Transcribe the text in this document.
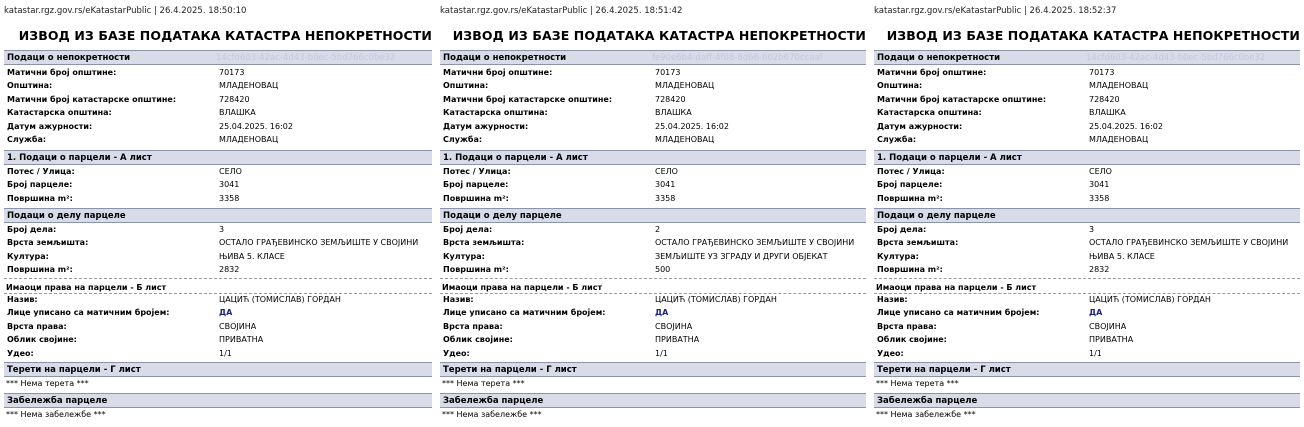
katastar.rgz.gov.rs/eKatastarPublic | 26.4.2025. 18:50:10
ИЗВОД ИЗ БАЗЕ ПОДАТАКА КАТАСТРА НЕПОКРЕТНОСТИ
Подаци о непокретности	14cfd603-42ac-4d43-b0ec-5bd766c0be32
Матични број општине:	70173
Општина:	МЛАДЕНОВАЦ
Матични број катастарске општине:	728420
Катастарска општина:	ВЛАШКА
Датум ажурности:	25.04.2025. 16:02
Служба:	МЛАДЕНОВАЦ
1. Подаци о парцели - А лист
Потес / Улица:	СЕЛО
Број парцеле:	3041
Површина m²:	3358
Подаци о делу парцеле
Број дела:	3
Врста земљишта:	ОСТАЛО ГРАЂЕВИНСКО ЗЕМЉИШТЕ У СВОЈИНИ
Култура:	ЊИВА 5. КЛАСЕ
Површина m²:	2832
Имаоци права на парцели - Б лист
Назив:	ЦАЦИЋ (ТОМИСЛАВ) ГОРДАН
Лице уписано са матичним бројем:	ДА
Врста права:	СВОЈИНА
Облик својине:	ПРИВАТНА
Удео:	1/1
Терети на парцели - Г лист
*** Нема терета ***
Забележба парцеле
*** Нема забележбе ***
katastar.rgz.gov.rs/eKatastarPublic | 26.4.2025. 18:51:42
ИЗВОД ИЗ БАЗЕ ПОДАТАКА КАТАСТРА НЕПОКРЕТНОСТИ
Подаци о непокретности	fe90e6b4-daff-4f08-8d66-602b670ccaaf
Матични број општине:	70173
Општина:	МЛАДЕНОВАЦ
Матични број катастарске општине:	728420
Катастарска општина:	ВЛАШКА
Датум ажурности:	25.04.2025. 16:02
Служба:	МЛАДЕНОВАЦ
1. Подаци о парцели - А лист
Потес / Улица:	СЕЛО
Број парцеле:	3041
Површина m²:	3358
Подаци о делу парцеле
Број дела:	2
Врста земљишта:	ОСТАЛО ГРАЂЕВИНСКО ЗЕМЉИШТЕ У СВОЈИНИ
Култура:	ЗЕМЉИШТЕ УЗ ЗГРАДУ И ДРУГИ ОБЈЕКАТ
Површина m²:	500
Имаоци права на парцели - Б лист
Назив:	ЦАЦИЋ (ТОМИСЛАВ) ГОРДАН
Лице уписано са матичним бројем:	ДА
Врста права:	СВОЈИНА
Облик својине:	ПРИВАТНА
Удео:	1/1
Терети на парцели - Г лист
*** Нема терета ***
Забележба парцеле
*** Нема забележбе ***
katastar.rgz.gov.rs/eKatastarPublic | 26.4.2025. 18:52:37
ИЗВОД ИЗ БАЗЕ ПОДАТАКА КАТАСТРА НЕПОКРЕТНОСТИ
Подаци о непокретности	14cfd603-42ac-4d43-b0ec-5bd766c0be32
Матични број општине:	70173
Општина:	МЛАДЕНОВАЦ
Матични број катастарске општине:	728420
Катастарска општина:	ВЛАШКА
Датум ажурности:	25.04.2025. 16:02
Служба:	МЛАДЕНОВАЦ
1. Подаци о парцели - А лист
Потес / Улица:	СЕЛО
Број парцеле:	3041
Површина m²:	3358
Подаци о делу парцеле
Број дела:	3
Врста земљишта:	ОСТАЛО ГРАЂЕВИНСКО ЗЕМЉИШТЕ У СВОЈИНИ
Култура:	ЊИВА 5. КЛАСЕ
Површина m²:	2832
Имаоци права на парцели - Б лист
Назив:	ЦАЦИЋ (ТОМИСЛАВ) ГОРДАН
Лице уписано са матичним бројем:	ДА
Врста права:	СВОЈИНА
Облик својине:	ПРИВАТНА
Удео:	1/1
Терети на парцели - Г лист
*** Нема терета ***
Забележба парцеле
*** Нема забележбе ***
